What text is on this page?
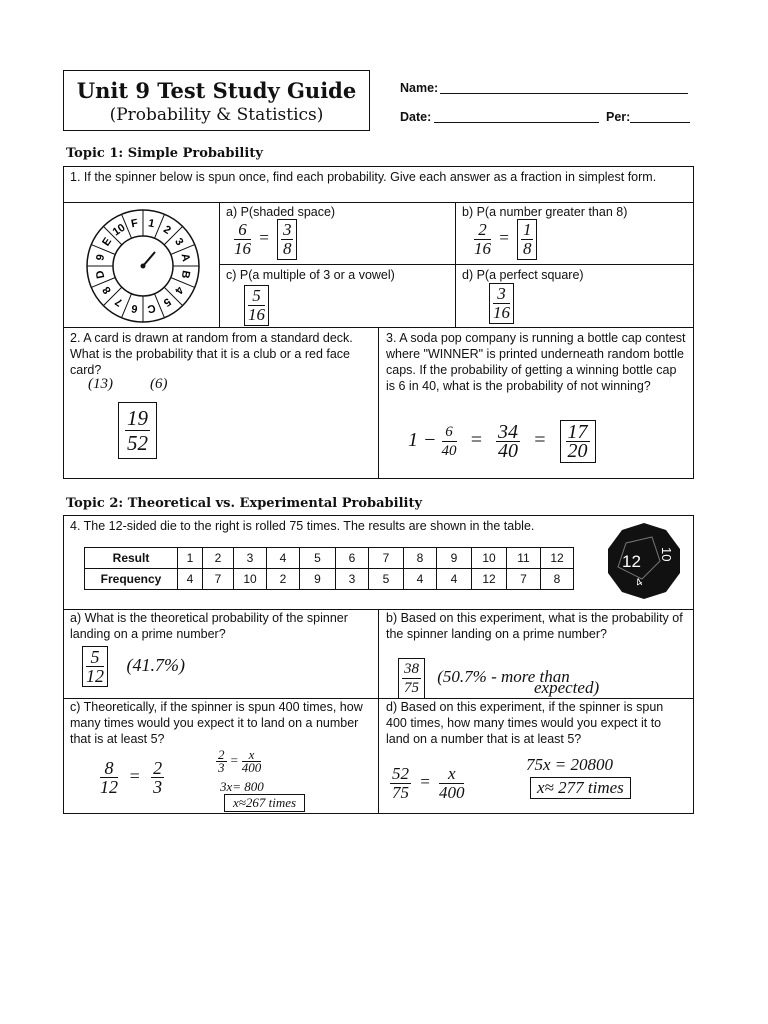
Unit 9 Test Study Guide
(Probability & Statistics)
Name:
Date:	Per:
Topic 1: Simple Probability
1. If the spinner below is spun once, find each probability. Give each answer as a fraction in simplest form.
1 2
3
A
B
4
5
C
6
7
8
D
9
E
10 F
a) P(shaded space)
$\frac{6}{16} = \frac{3}{8}$
b) P(a number greater than 8)
$\frac{2}{16} = \frac{1}{8}$
c) P(a multiple of 3 or a vowel)
$\frac{5}{16}$
d) P(a perfect square)
$\frac{3}{16}$
2. A card is drawn at random from a standard deck. What is the probability that it is a club or a red face card?
(13) (6)
$\frac{19}{52}$
3. A soda pop company is running a bottle cap contest where "WINNER" is printed underneath random bottle caps. If the probability of getting a winning bottle cap is 6 in 40, what is the probability of not winning?
$1 - \frac{6}{40} = \frac{34}{40} = \frac{17}{20}$
Topic 2: Theoretical vs. Experimental Probability
4. The 12-sided die to the right is rolled 75 times. The results are shown in the table.
Result	1	2	3	4	5	6	7	8	9	10	11	12
Frequency	4	7	10	2	9	3	5	4	4	12	7	8
12 10
4
a) What is the theoretical probability of the spinner landing on a prime number?
$\frac{5}{12} (41.7\%)$
b) Based on this experiment, what is the probability of the spinner landing on a prime number?
$\frac{38}{75} (50.7\%$ - more than
expected)
c) Theoretically, if the spinner is spun 400 times, how many times would you expect it to land on a number that is at least 5?
$\frac{8}{12} = \frac{2}{3}$	$\frac{2}{3} = \frac{x}{400}$
3x= 800
x≈267 times
d) Based on this experiment, if the spinner is spun 400 times, how many times would you expect it to land on a number that is at least 5?
$\frac{52}{75} = \frac{x}{400}$
75x = 20800
x≈ 277 times
